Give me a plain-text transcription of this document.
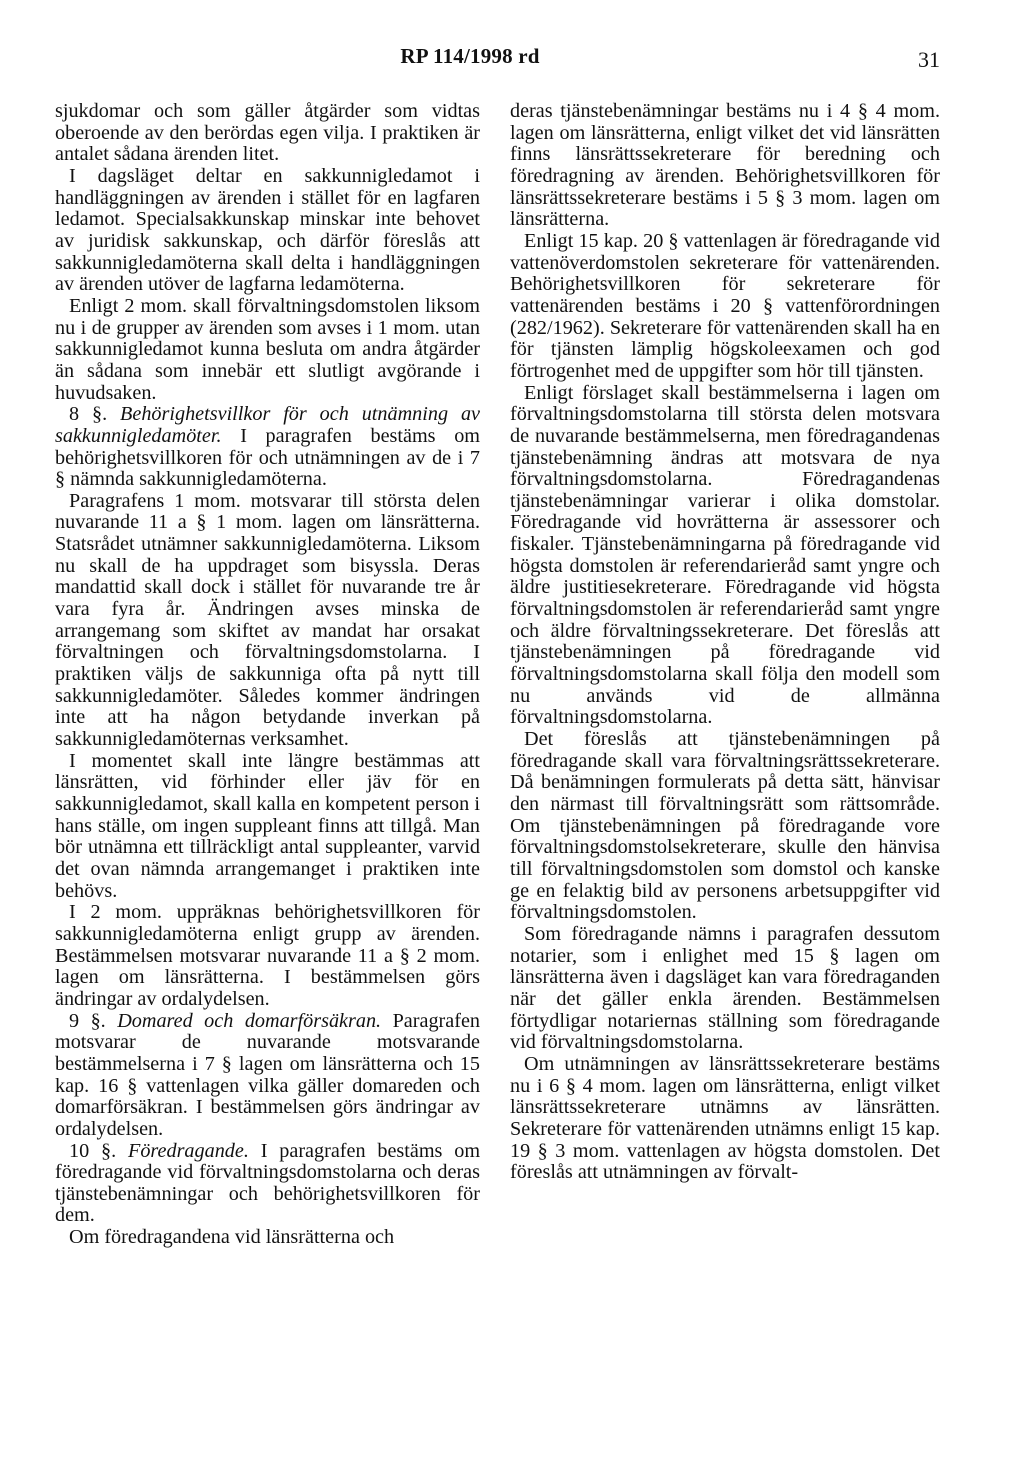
RP 114/1998 rd	31

sjukdomar och som gäller åtgärder som vidtas oberoende av den berördas egen vilja. I praktiken är antalet sådana ärenden litet.

I dagsläget deltar en sakkunnigledamot i handläggningen av ärenden i stället för en lagfaren ledamot. Specialsakkunskap minskar inte behovet av juridisk sakkunskap, och därför föreslås att sakkunnigledamöterna skall delta i handläggningen av ärenden utöver de lagfarna ledamöterna.

Enligt 2 mom. skall förvaltningsdomstolen liksom nu i de grupper av ärenden som avses i 1 mom. utan sakkunnigledamot kunna besluta om andra åtgärder än sådana som innebär ett slutligt avgörande i huvudsaken.

8 §. Behörighetsvillkor för och utnämning av sakkunnigledamöter. I paragrafen bestäms om behörighetsvillkoren för och utnämningen av de i 7 § nämnda sakkunnigledamöterna.

Paragrafens 1 mom. motsvarar till största delen nuvarande 11 a § 1 mom. lagen om länsrätterna. Statsrådet utnämner sakkunnigledamöterna. Liksom nu skall de ha uppdraget som bisyssla. Deras mandattid skall dock i stället för nuvarande tre år vara fyra år. Ändringen avses minska de arrangemang som skiftet av mandat har orsakat förvaltningen och förvaltningsdomstolarna. I praktiken väljs de sakkunniga ofta på nytt till sakkunnigledamöter. Således kommer ändringen inte att ha någon betydande inverkan på sakkunnigledamöternas verksamhet.

I momentet skall inte längre bestämmas att länsrätten, vid förhinder eller jäv för en sakkunnigledamot, skall kalla en kompetent person i hans ställe, om ingen suppleant finns att tillgå. Man bör utnämna ett tillräckligt antal suppleanter, varvid det ovan nämnda arrangemanget i praktiken inte behövs.

I 2 mom. uppräknas behörighetsvillkoren för sakkunnigledamöterna enligt grupp av ärenden. Bestämmelsen motsvarar nuvarande 11 a § 2 mom. lagen om länsrätterna. I bestämmelsen görs ändringar av ordalydelsen.

9 §. Domared och domarförsäkran. Paragrafen motsvarar de nuvarande motsvarande bestämmelserna i 7 § lagen om länsrätterna och 15 kap. 16 § vattenlagen vilka gäller domareden och domarförsäkran. I bestämmelsen görs ändringar av ordalydelsen.

10 §. Föredragande. I paragrafen bestäms om föredragande vid förvaltningsdomstolarna och deras tjänstebenämningar och behörighetsvillkoren för dem.

Om föredragandena vid länsrätterna och

deras tjänstebenämningar bestäms nu i 4 § 4 mom. lagen om länsrätterna, enligt vilket det vid länsrätten finns länsrättssekreterare för beredning och föredragning av ärenden. Behörighetsvillkoren för länsrättssekreterare bestäms i 5 § 3 mom. lagen om länsrätterna.

Enligt 15 kap. 20 § vattenlagen är föredragande vid vattenöverdomstolen sekreterare för vattenärenden. Behörighetsvillkoren för sekreterare för vattenärenden bestäms i 20 § vattenförordningen (282/1962). Sekreterare för vattenärenden skall ha en för tjänsten lämplig högskoleexamen och god förtrogenhet med de uppgifter som hör till tjänsten.

Enligt förslaget skall bestämmelserna i lagen om förvaltningsdomstolarna till största delen motsvara de nuvarande bestämmelserna, men föredragandenas tjänstebenämning ändras att motsvara de nya förvaltningsdomstolarna. Föredragandenas tjänstebenämningar varierar i olika domstolar. Föredragande vid hovrätterna är assessorer och fiskaler. Tjänstebenämningarna på föredragande vid högsta domstolen är referendarieråd samt yngre och äldre justitiesekreterare. Föredragande vid högsta förvaltningsdomstolen är referendarieråd samt yngre och äldre förvaltningssekreterare. Det föreslås att tjänstebenämningen på föredragande vid förvaltningsdomstolarna skall följa den modell som nu används vid de allmänna förvaltningsdomstolarna.

Det föreslås att tjänstebenämningen på föredragande skall vara förvaltningsrättssekreterare. Då benämningen formulerats på detta sätt, hänvisar den närmast till förvaltningsrätt som rättsområde. Om tjänstebenämningen på föredragande vore förvaltningsdomstolsekreterare, skulle den hänvisa till förvaltningsdomstolen som domstol och kanske ge en felaktig bild av personens arbetsuppgifter vid förvaltningsdomstolen.

Som föredragande nämns i paragrafen dessutom notarier, som i enlighet med 15 § lagen om länsrätterna även i dagsläget kan vara föredraganden när det gäller enkla ärenden. Bestämmelsen förtydligar notariernas ställning som föredragande vid förvaltningsdomstolarna.

Om utnämningen av länsrättssekreterare bestäms nu i 6 § 4 mom. lagen om länsrätterna, enligt vilket länsrättssekreterare utnämns av länsrätten. Sekreterare för vattenärenden utnämns enligt 15 kap. 19 § 3 mom. vattenlagen av högsta domstolen. Det föreslås att utnämningen av förvalt-
